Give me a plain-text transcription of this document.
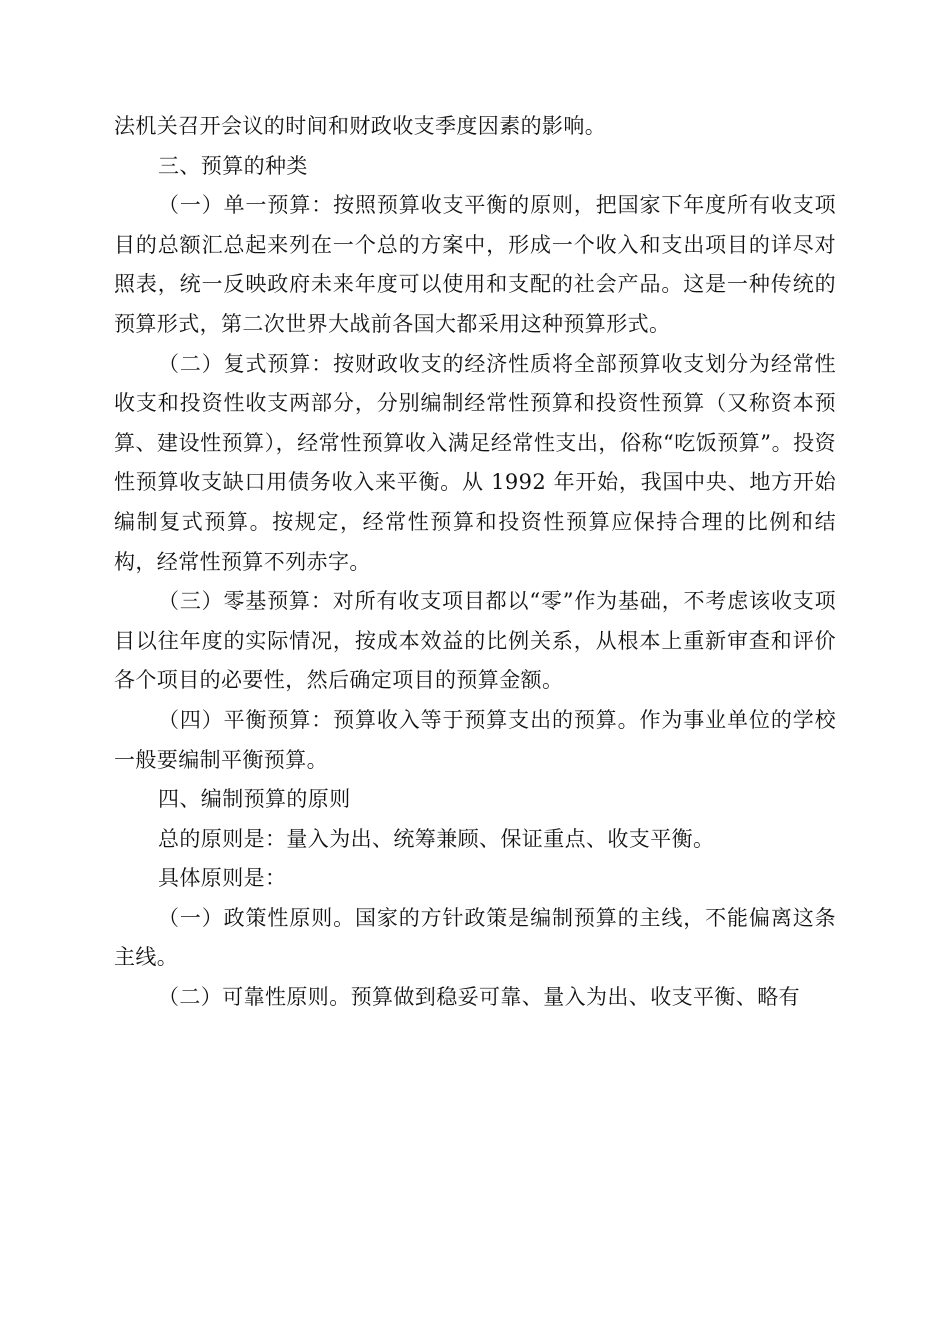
法机关召开会议的时间和财政收支季度因素的影响。

三、预算的种类

（一）单一预算：按照预算收支平衡的原则，把国家下年度所有收支项目的总额汇总起来列在一个总的方案中，形成一个收入和支出项目的详尽对照表，统一反映政府未来年度可以使用和支配的社会产品。这是一种传统的预算形式，第二次世界大战前各国大都采用这种预算形式。

（二）复式预算：按财政收支的经济性质将全部预算收支划分为经常性收支和投资性收支两部分，分别编制经常性预算和投资性预算（又称资本预算、建设性预算），经常性预算收入满足经常性支出，俗称“吃饭预算”。投资性预算收支缺口用债务收入来平衡。从 1992 年开始，我国中央、地方开始编制复式预算。按规定，经常性预算和投资性预算应保持合理的比例和结构，经常性预算不列赤字。

（三）零基预算：对所有收支项目都以“零”作为基础，不考虑该收支项目以往年度的实际情况，按成本效益的比例关系，从根本上重新审查和评价各个项目的必要性，然后确定项目的预算金额。

（四）平衡预算：预算收入等于预算支出的预算。作为事业单位的学校一般要编制平衡预算。

四、编制预算的原则

总的原则是：量入为出、统筹兼顾、保证重点、收支平衡。

具体原则是：

（一）政策性原则。国家的方针政策是编制预算的主线，不能偏离这条主线。

（二）可靠性原则。预算做到稳妥可靠、量入为出、收支平衡、略有
